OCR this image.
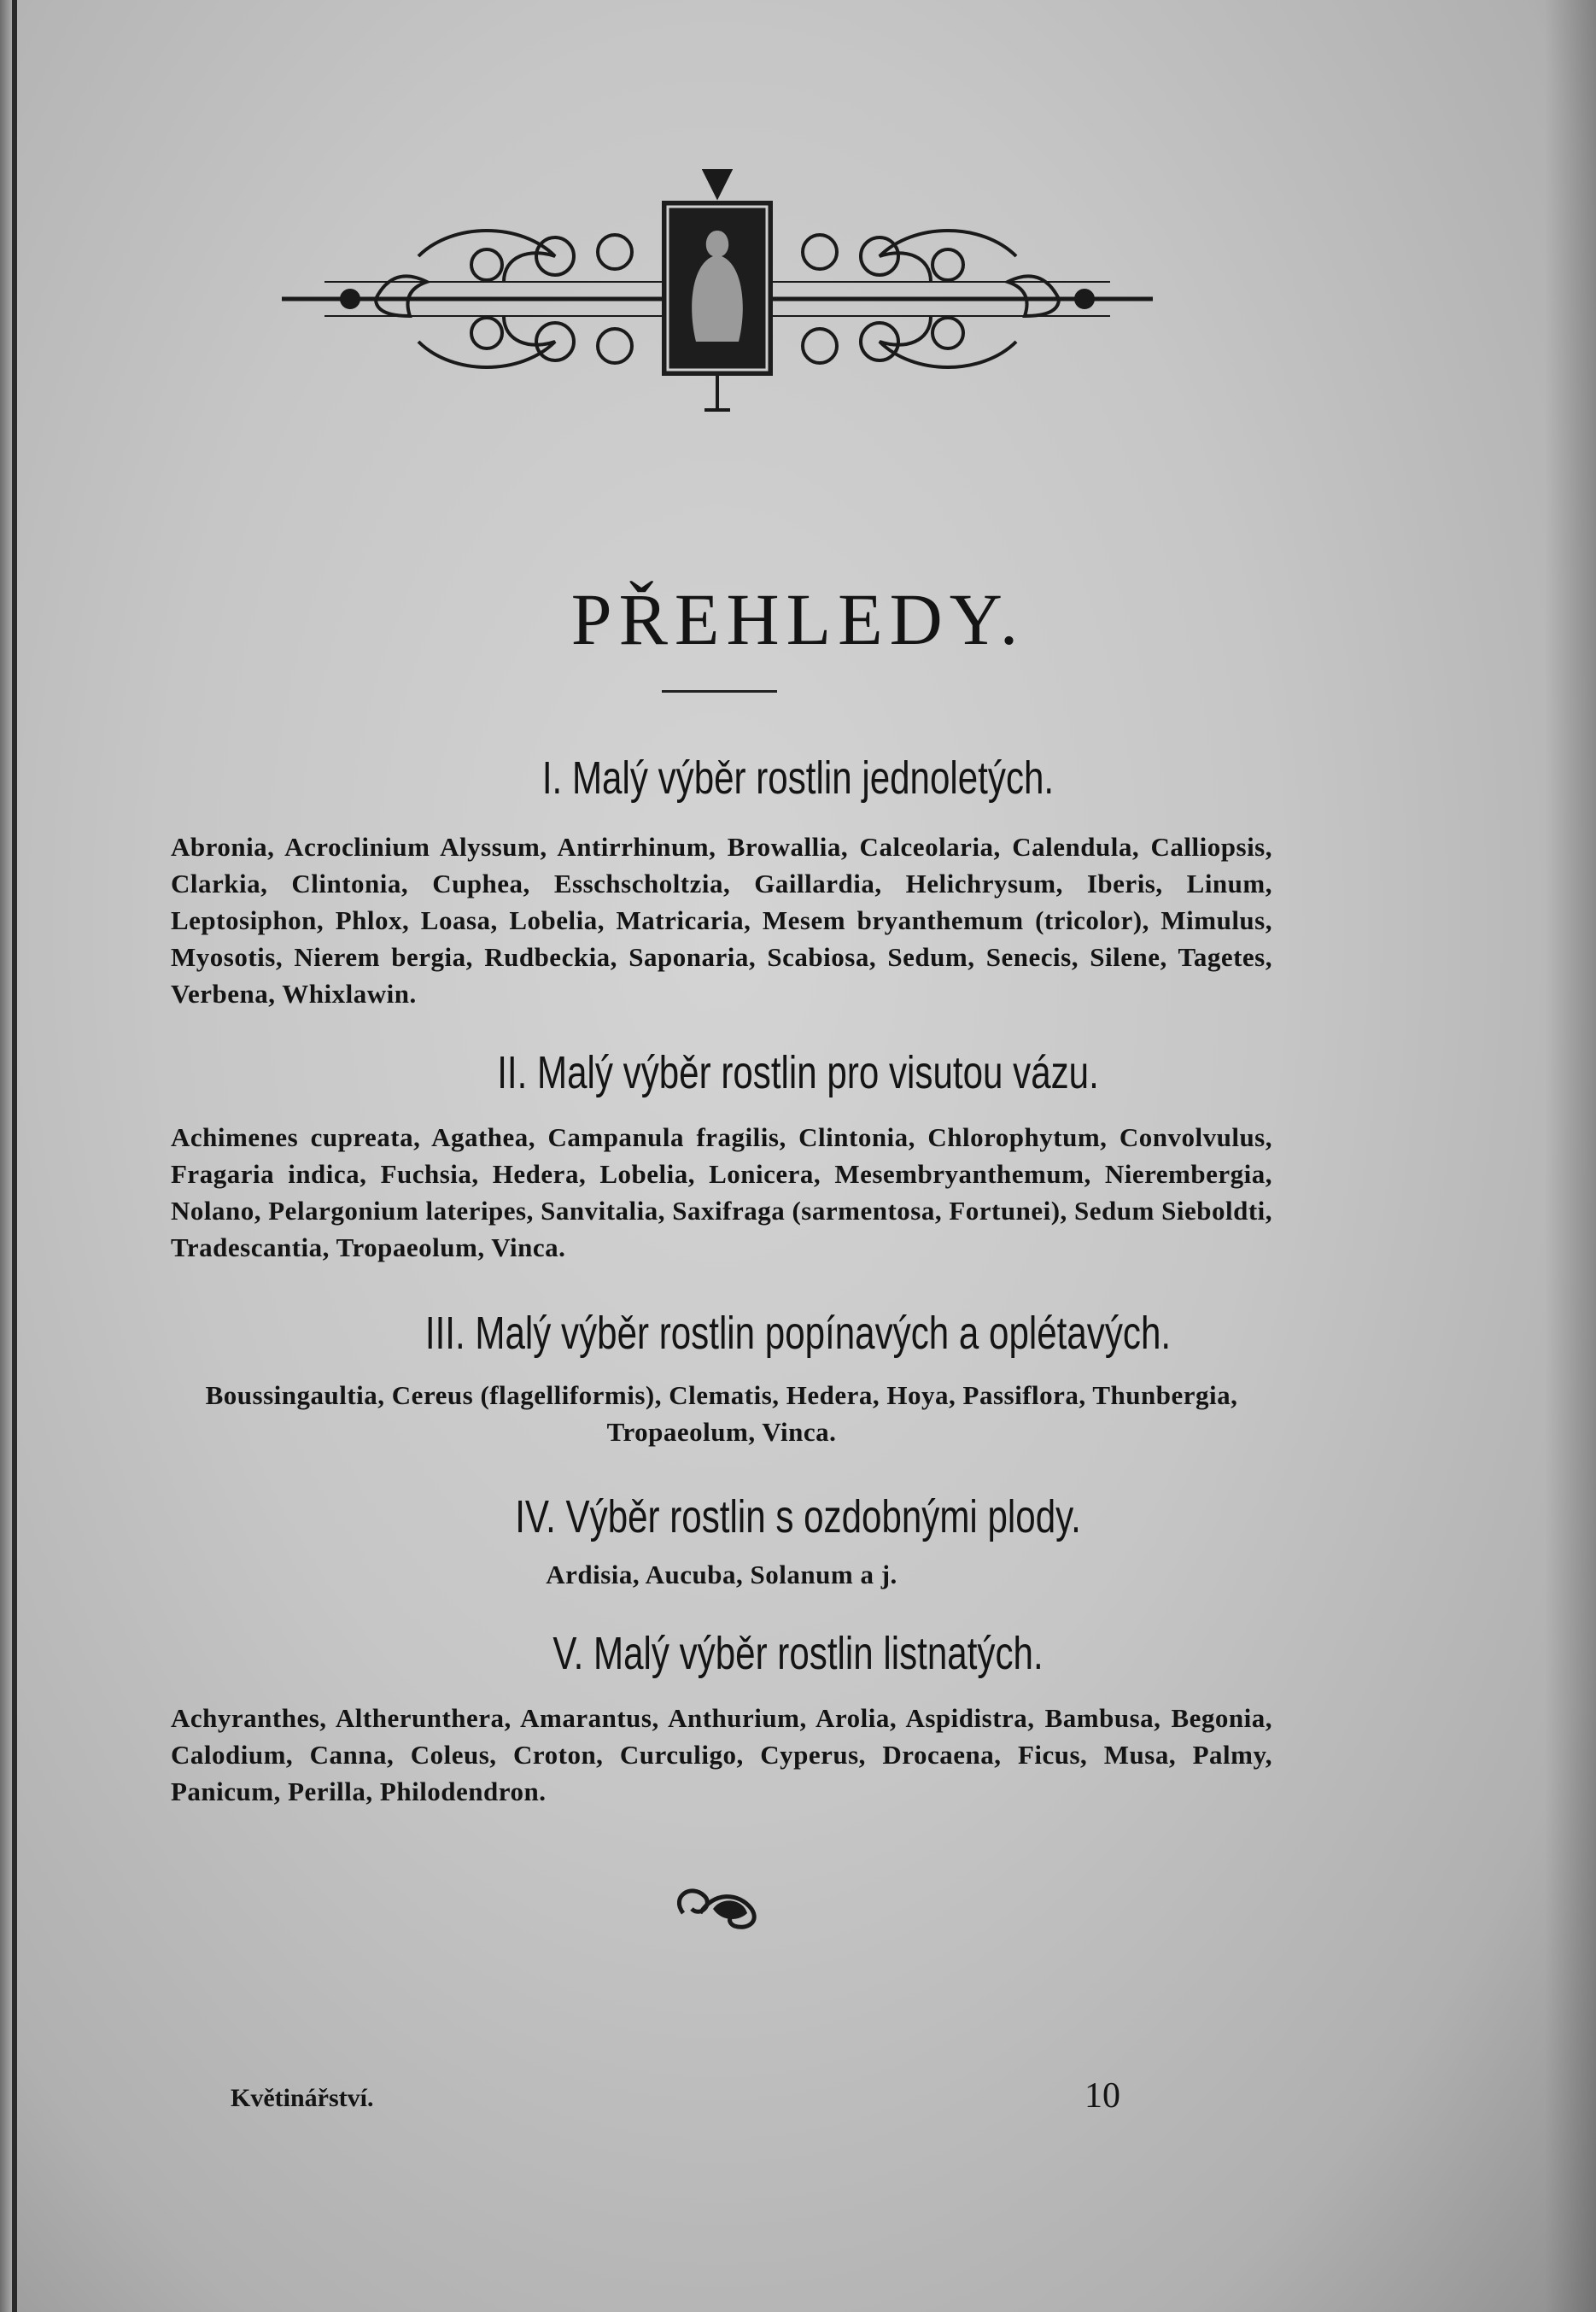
PŘEHLEDY.
I. Malý výběr rostlin jednoletých.
Abronia, Acroclinium Alyssum, Antirrhinum, Browallia, Calceolaria, Calendula, Calliopsis, Clarkia, Clintonia, Cuphea, Esschscholtzia, Gaillardia, Helichrysum, Iberis, Linum, Leptosiphon, Phlox, Loasa, Lobelia, Matricaria, Mesem bryanthemum (tricolor), Mimulus, Myosotis, Nierem bergia, Rudbeckia, Saponaria, Scabiosa, Sedum, Senecis, Silene, Tagetes, Verbena, Whixlawin.
II. Malý výběr rostlin pro visutou vázu.
Achimenes cupreata, Agathea, Campanula fragilis, Clintonia, Chlorophytum, Convolvulus, Fragaria indica, Fuchsia, Hedera, Lobelia, Lonicera, Mesembryanthemum, Nierembergia, Nolano, Pelargonium lateripes, Sanvitalia, Saxifraga (sarmentosa, Fortunei), Sedum Sieboldti, Tradescantia, Tropaeolum, Vinca.
III. Malý výběr rostlin popínavých a oplétavých.
Boussingaultia, Cereus (flagelliformis), Clematis, Hedera, Hoya, Passiflora, Thunbergia, Tropaeolum, Vinca.
IV. Výběr rostlin s ozdobnými plody.
Ardisia, Aucuba, Solanum a j.
V. Malý výběr rostlin listnatých.
Achyranthes, Altherunthera, Amarantus, Anthurium, Arolia, Aspidistra, Bambusa, Begonia, Calodium, Canna, Coleus, Croton, Curculigo, Cyperus, Drocaena, Ficus, Musa, Palmy, Panicum, Perilla, Philodendron.
Květinářství.	10
